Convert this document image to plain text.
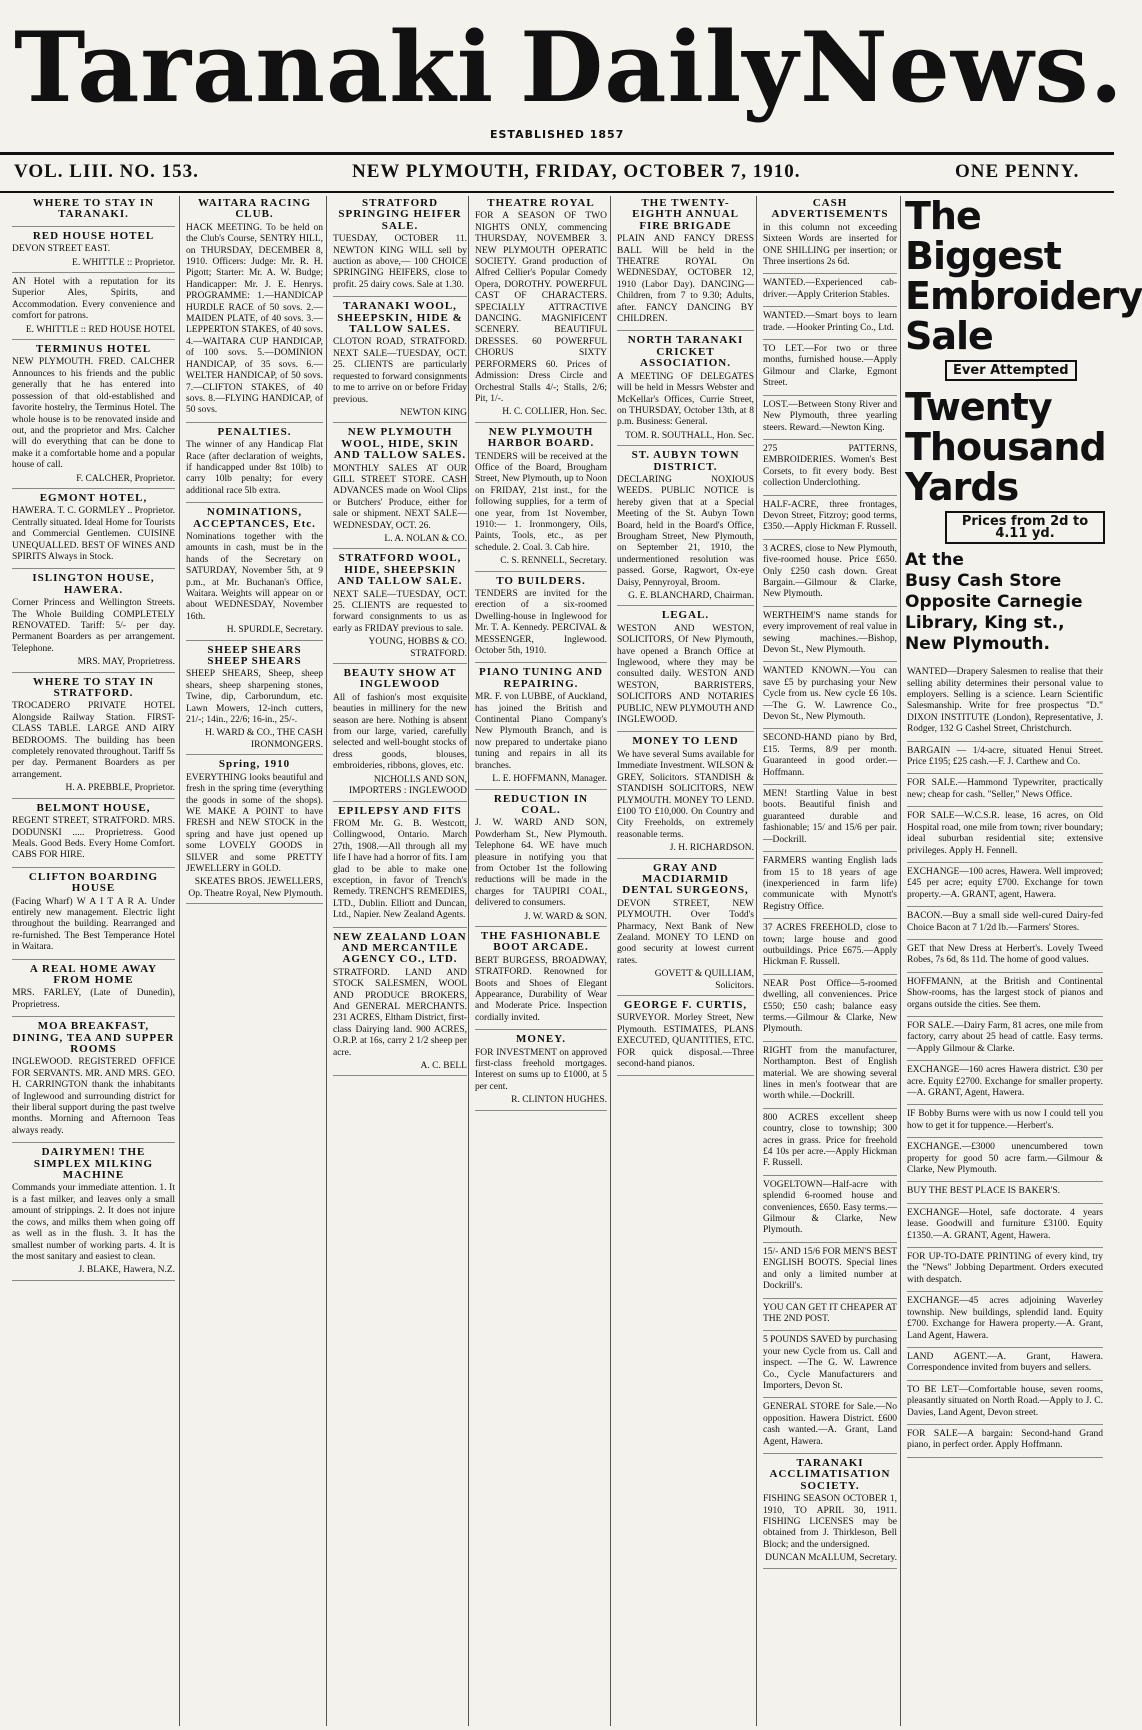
Taranaki Daily News.
ESTABLISHED 1857
VOL. LIII. NO. 153.	NEW PLYMOUTH, FRIDAY, OCTOBER 7, 1910.	ONE PENNY.
WHERE TO STAY IN TARANAKI.
RED HOUSE HOTEL

DEVON STREET EAST.

E. WHITTLE :: Proprietor.

AN Hotel with a reputation for its Superior Ales, Spirits, and Accommodation. Every convenience and comfort for patrons.

E. WHITTLE :: RED HOUSE HOTEL

TERMINUS HOTEL

NEW PLYMOUTH. FRED. CALCHER Announces to his friends and the public generally that he has entered into possession of that old-established and favorite hostelry, the Terminus Hotel. The whole house is to be renovated inside and out, and the proprietor and Mrs. Calcher will do everything that can be done to make it a comfortable home and a popular house of call.

F. CALCHER, Proprietor.

EGMONT HOTEL,

HAWERA. T. C. GORMLEY .. Proprietor. Centrally situated. Ideal Home for Tourists and Commercial Gentlemen. CUISINE UNEQUALLED. BEST OF WINES AND SPIRITS Always in Stock.

ISLINGTON HOUSE, HAWERA.

Corner Princess and Wellington Streets. The Whole Building COMPLETELY RENOVATED. Tariff: 5/- per day. Permanent Boarders as per arrangement. Telephone.

MRS. MAY, Proprietress.

WHERE TO STAY IN STRATFORD.

TROCADERO PRIVATE HOTEL Alongside Railway Station. FIRST-CLASS TABLE. LARGE AND AIRY BEDROOMS. The building has been completely renovated throughout. Tariff 5s per day. Permanent Boarders as per arrangement.

H. A. PREBBLE, Proprietor.

BELMONT HOUSE,

REGENT STREET, STRATFORD. MRS. DODUNSKI ..... Proprietress. Good Meals. Good Beds. Every Home Comfort. CABS FOR HIRE.

CLIFTON BOARDING HOUSE

(Facing Wharf) W A I T A R A. Under entirely new management. Electric light throughout the building. Rearranged and re-furnished. The Best Temperance Hotel in Waitara.

A REAL HOME AWAY FROM HOME

MRS. FARLEY, (Late of Dunedin), Proprietress.

MOA BREAKFAST, DINING, TEA AND SUPPER ROOMS

INGLEWOOD. REGISTERED OFFICE FOR SERVANTS. MR. AND MRS. GEO. H. CARRINGTON thank the inhabitants of Inglewood and surrounding district for their liberal support during the past twelve months. Morning and Afternoon Teas always ready.

DAIRYMEN! THE SIMPLEX MILKING MACHINE

Commands your immediate attention. 1. It is a fast milker, and leaves only a small amount of strippings. 2. It does not injure the cows, and milks them when going off as well as in the flush. 3. It has the smallest number of working parts. 4. It is the most sanitary and easiest to clean.

J. BLAKE, Hawera, N.Z.

WAITARA RACING CLUB.

HACK MEETING. To be held on the Club's Course, SENTRY HILL, on THURSDAY, DECEMBER 8, 1910. Officers: Judge: Mr. R. H. Pigott; Starter: Mr. A. W. Budge; Handicapper: Mr. J. E. Henrys. PROGRAMME: 1.—HANDICAP HURDLE RACE of 50 sovs. 2.—MAIDEN PLATE, of 40 sovs. 3.—LEPPERTON STAKES, of 40 sovs. 4.—WAITARA CUP HANDICAP, of 100 sovs. 5.—DOMINION HANDICAP, of 35 sovs. 6.—WELTER HANDICAP, of 50 sovs. 7.—CLIFTON STAKES, of 40 sovs. 8.—FLYING HANDICAP, of 50 sovs.

PENALTIES.

The winner of any Handicap Flat Race (after declaration of weights, if handicapped under 8st 10lb) to carry 10lb penalty; for every additional race 5lb extra.

NOMINATIONS, ACCEPTANCES, Etc.

Nominations together with the amounts in cash, must be in the hands of the Secretary on SATURDAY, November 5th, at 9 p.m., at Mr. Buchanan's Office, Waitara. Weights will appear on or about WEDNESDAY, November 16th.

H. SPURDLE, Secretary.

SHEEP SHEARS SHEEP SHEARS

SHEEP SHEARS, Sheep, sheep shears, sheep sharpening stones, Twine, dip, Carborundum, etc. Lawn Mowers, 12-inch cutters, 21/-; 14in., 22/6; 16-in., 25/-.

H. WARD & CO., THE CASH IRONMONGERS.

Spring, 1910

EVERYTHING looks beautiful and fresh in the spring time (everything the goods in some of the shops). WE MAKE A POINT to have FRESH and NEW STOCK in the spring and have just opened up some LOVELY GOODS in SILVER and some PRETTY JEWELLERY in GOLD.

SKEATES BROS. JEWELLERS, Op. Theatre Royal, New Plymouth.

STRATFORD SPRINGING HEIFER SALE.

TUESDAY, OCTOBER 11. NEWTON KING WILL sell by auction as above,— 100 CHOICE SPRINGING HEIFERS, close to profit. 25 dairy cows. Sale at 1.30.

TARANAKI WOOL, SHEEPSKIN, HIDE & TALLOW SALES.

CLOTON ROAD, STRATFORD. NEXT SALE—TUESDAY, OCT. 25. CLIENTS are particularly requested to forward consignments to me to arrive on or before Friday previous.

NEWTON KING

NEW PLYMOUTH WOOL, HIDE, SKIN AND TALLOW SALES.

MONTHLY SALES AT OUR GILL STREET STORE. CASH ADVANCES made on Wool Clips or Butchers' Produce, either for sale or shipment. NEXT SALE—WEDNESDAY, OCT. 26.

L. A. NOLAN & CO.

STRATFORD WOOL, HIDE, SHEEPSKIN AND TALLOW SALE.

NEXT SALE—TUESDAY, OCT. 25. CLIENTS are requested to forward consignments to us as early as FRIDAY previous to sale.

YOUNG, HOBBS & CO. STRATFORD.

BEAUTY SHOW AT INGLEWOOD

All of fashion's most exquisite beauties in millinery for the new season are here. Nothing is absent from our large, varied, carefully selected and well-bought stocks of dress goods, blouses, embroideries, ribbons, gloves, etc.

NICHOLLS AND SON, IMPORTERS : INGLEWOOD

EPILEPSY AND FITS

FROM Mr. G. B. Westcott, Collingwood, Ontario. March 27th, 1908.—All through all my life I have had a horror of fits. I am glad to be able to make one exception, in favor of Trench's Remedy. TRENCH'S REMEDIES, LTD., Dublin. Elliott and Duncan, Ltd., Napier. New Zealand Agents.

NEW ZEALAND LOAN AND MERCANTILE AGENCY CO., LTD.

STRATFORD. LAND AND STOCK SALESMEN, WOOL AND PRODUCE BROKERS, And GENERAL MERCHANTS. 231 ACRES, Eltham District, first-class Dairying land. 900 ACRES, O.R.P. at 16s, carry 2 1/2 sheep per acre.

A. C. BELL

THEATRE ROYAL

FOR A SEASON OF TWO NIGHTS ONLY, commencing THURSDAY, NOVEMBER 3. NEW PLYMOUTH OPERATIC SOCIETY. Grand production of Alfred Cellier's Popular Comedy Opera, DOROTHY. POWERFUL CAST OF CHARACTERS. SPECIALLY ATTRACTIVE DANCING. MAGNIFICENT SCENERY. BEAUTIFUL DRESSES. 60 POWERFUL CHORUS SIXTY PERFORMERS 60. Prices of Admission: Dress Circle and Orchestral Stalls 4/-; Stalls, 2/6; Pit, 1/-.

H. C. COLLIER, Hon. Sec.

NEW PLYMOUTH HARBOR BOARD.

TENDERS will be received at the Office of the Board, Brougham Street, New Plymouth, up to Noon on FRIDAY, 21st inst., for the following supplies, for a term of one year, from 1st November, 1910:— 1. Ironmongery, Oils, Paints, Tools, etc., as per schedule. 2. Coal. 3. Cab hire.

C. S. RENNELL, Secretary.

TO BUILDERS.

TENDERS are invited for the erection of a six-roomed Dwelling-house in Inglewood for Mr. T. A. Kennedy. PERCIVAL & MESSENGER, Inglewood. October 5th, 1910.

PIANO TUNING AND REPAIRING.

MR. F. von LUBBE, of Auckland, has joined the British and Continental Piano Company's New Plymouth Branch, and is now prepared to undertake piano tuning and repairs in all its branches.

L. E. HOFFMANN, Manager.

REDUCTION IN COAL.

J. W. WARD AND SON, Powderham St., New Plymouth. Telephone 64. WE have much pleasure in notifying you that from October 1st the following reductions will be made in the charges for TAUPIRI COAL, delivered to consumers.

J. W. WARD & SON.

THE FASHIONABLE BOOT ARCADE.

BERT BURGESS, BROADWAY, STRATFORD. Renowned for Boots and Shoes of Elegant Appearance, Durability of Wear and Moderate Price. Inspection cordially invited.

MONEY.

FOR INVESTMENT on approved first-class freehold mortgages. Interest on sums up to £1000, at 5 per cent.

R. CLINTON HUGHES.

THE TWENTY-EIGHTH ANNUAL FIRE BRIGADE

PLAIN AND FANCY DRESS BALL Will be held in the THEATRE ROYAL On WEDNESDAY, OCTOBER 12, 1910 (Labor Day). DANCING— Children, from 7 to 9.30; Adults, after. FANCY DANCING BY CHILDREN.

NORTH TARANAKI CRICKET ASSOCIATION.

A MEETING OF DELEGATES will be held in Messrs Webster and McKellar's Offices, Currie Street, on THURSDAY, October 13th, at 8 p.m. Business: General.

TOM. R. SOUTHALL, Hon. Sec.

ST. AUBYN TOWN DISTRICT.

DECLARING NOXIOUS WEEDS. PUBLIC NOTICE is hereby given that at a Special Meeting of the St. Aubyn Town Board, held in the Board's Office, Brougham Street, New Plymouth, on September 21, 1910, the undermentioned resolution was passed. Gorse, Ragwort, Ox-eye Daisy, Pennyroyal, Broom.

G. E. BLANCHARD, Chairman.

LEGAL.

WESTON AND WESTON, SOLICITORS, Of New Plymouth, have opened a Branch Office at Inglewood, where they may be consulted daily. WESTON AND WESTON, BARRISTERS, SOLICITORS AND NOTARIES PUBLIC, NEW PLYMOUTH AND INGLEWOOD.

MONEY TO LEND

We have several Sums available for Immediate Investment. WILSON & GREY, Solicitors. STANDISH & STANDISH SOLICITORS, NEW PLYMOUTH. MONEY TO LEND. £100 TO £10,000. On Country and City Freeholds, on extremely reasonable terms.

J. H. RICHARDSON.

GRAY AND MACDIARMID DENTAL SURGEONS,

DEVON STREET, NEW PLYMOUTH. Over Todd's Pharmacy, Next Bank of New Zealand. MONEY TO LEND on good security at lowest current rates.

GOVETT & QUILLIAM, Solicitors.

GEORGE F. CURTIS,

SURVEYOR. Morley Street, New Plymouth. ESTIMATES, PLANS EXECUTED, QUANTITIES, ETC. FOR quick disposal.—Three second-hand pianos.

CASH ADVERTISEMENTS

in this column not exceeding Sixteen Words are inserted for ONE SHILLING per insertion; or Three insertions 2s 6d.

WANTED.—Experienced cab-driver.—Apply Criterion Stables.

WANTED.—Smart boys to learn trade. —Hooker Printing Co., Ltd.

TO LET.—For two or three months, furnished house.—Apply Gilmour and Clarke, Egmont Street.

LOST.—Between Stony River and New Plymouth, three yearling steers. Reward.—Newton King.

275 PATTERNS, EMBROIDERIES. Women's Best Corsets, to fit every body. Best collection Underclothing.

HALF-ACRE, three frontages, Devon Street, Fitzroy; good terms, £350.—Apply Hickman F. Russell.

3 ACRES, close to New Plymouth, five-roomed house. Price £650. Only £250 cash down. Great Bargain.—Gilmour & Clarke, New Plymouth.

WERTHEIM'S name stands for every improvement of real value in sewing machines.—Bishop, Devon St., New Plymouth.

WANTED KNOWN.—You can save £5 by purchasing your New Cycle from us. New cycle £6 10s.—The G. W. Lawrence Co., Devon St., New Plymouth.

SECOND-HAND piano by Brd, £15. Terms, 8/9 per month. Guaranteed in good order.—Hoffmann.

MEN! Startling Value in best boots. Beautiful finish and guaranteed durable and fashionable; 15/ and 15/6 per pair.—Dockrill.

FARMERS wanting English lads from 15 to 18 years of age (inexperienced in farm life) communicate with Mynott's Registry Office.

37 ACRES FREEHOLD, close to town; large house and good outbuildings. Price £675.—Apply Hickman F. Russell.

NEAR Post Office—5-roomed dwelling, all conveniences. Price £550; £50 cash; balance easy terms.—Gilmour & Clarke, New Plymouth.

RIGHT from the manufacturer, Northampton. Best of English material. We are showing several lines in men's footwear that are worth while.—Dockrill.

800 ACRES excellent sheep country, close to township; 300 acres in grass. Price for freehold £4 10s per acre.—Apply Hickman F. Russell.

VOGELTOWN—Half-acre with splendid 6-roomed house and conveniences, £650. Easy terms.—Gilmour & Clarke, New Plymouth.

15/- AND 15/6 FOR MEN'S BEST ENGLISH BOOTS. Special lines and only a limited number at Dockrill's.

YOU CAN GET IT CHEAPER AT THE 2ND POST.

5 POUNDS SAVED by purchasing your new Cycle from us. Call and inspect. —The G. W. Lawrence Co., Cycle Manufacturers and Importers, Devon St.

GENERAL STORE for Sale.—No opposition. Hawera District. £600 cash wanted.—A. Grant, Land Agent, Hawera.

TARANAKI ACCLIMATISATION SOCIETY.

FISHING SEASON OCTOBER 1, 1910, TO APRIL 30, 1911. FISHING LICENSES may be obtained from J. Thirkleson, Bell Block; and the undersigned.

DUNCAN McALLUM, Secretary.

The
Biggest
Embroidery
Sale
Ever Attempted
Twenty
Thousand
Yards
Prices from 2d to 4.11 yd.
At the
Busy Cash Store
Opposite Carnegie
Library, King st.,
New Plymouth.

WANTED—Drapery Salesmen to realise that their selling ability determines their personal value to employers. Selling is a science. Learn Scientific Salesmanship. Write for free prospectus "D." DIXON INSTITUTE (London), Representative, J. Rodger, 132 G Cashel Street, Christchurch.

BARGAIN — 1/4-acre, situated Henui Street. Price £195; £25 cash.—F. J. Carthew and Co.

FOR SALE.—Hammond Typewriter, practically new; cheap for cash. "Seller," News Office.

FOR SALE—W.C.S.R. lease, 16 acres, on Old Hospital road, one mile from town; river boundary; ideal suburban residential site; extensive privileges. Apply H. Fennell.

EXCHANGE—100 acres, Hawera. Well improved; £45 per acre; equity £700. Exchange for town property.—A. GRANT, agent, Hawera.

BACON.—Buy a small side well-cured Dairy-fed Choice Bacon at 7 1/2d lb.—Farmers' Stores.

GET that New Dress at Herbert's. Lovely Tweed Robes, 7s 6d, 8s 11d. The home of good values.

HOFFMANN, at the British and Continental Show-rooms, has the largest stock of pianos and organs outside the cities. See them.

FOR SALE.—Dairy Farm, 81 acres, one mile from factory, carry about 25 head of cattle. Easy terms.—Apply Gilmour & Clarke.

EXCHANGE—160 acres Hawera district. £30 per acre. Equity £2700. Exchange for smaller property.—A. GRANT, Agent, Hawera.

IF Bobby Burns were with us now I could tell you how to get it for tuppence.—Herbert's.

EXCHANGE.—£3000 unencumbered town property for good 50 acre farm.—Gilmour & Clarke, New Plymouth.

BUY THE BEST PLACE IS BAKER'S.

EXCHANGE—Hotel, safe doctorate. 4 years lease. Goodwill and furniture £3100. Equity £1350.—A. GRANT, Agent, Hawera.

FOR UP-TO-DATE PRINTING of every kind, try the "News" Jobbing Department. Orders executed with despatch.

EXCHANGE—45 acres adjoining Waverley township. New buildings, splendid land. Equity £700. Exchange for Hawera property.—A. Grant, Land Agent, Hawera.

LAND AGENT.—A. Grant, Hawera. Correspondence invited from buyers and sellers.

TO BE LET—Comfortable house, seven rooms, pleasantly situated on North Road.—Apply to J. C. Davies, Land Agent, Devon street.

FOR SALE—A bargain: Second-hand Grand piano, in perfect order. Apply Hoffmann.
